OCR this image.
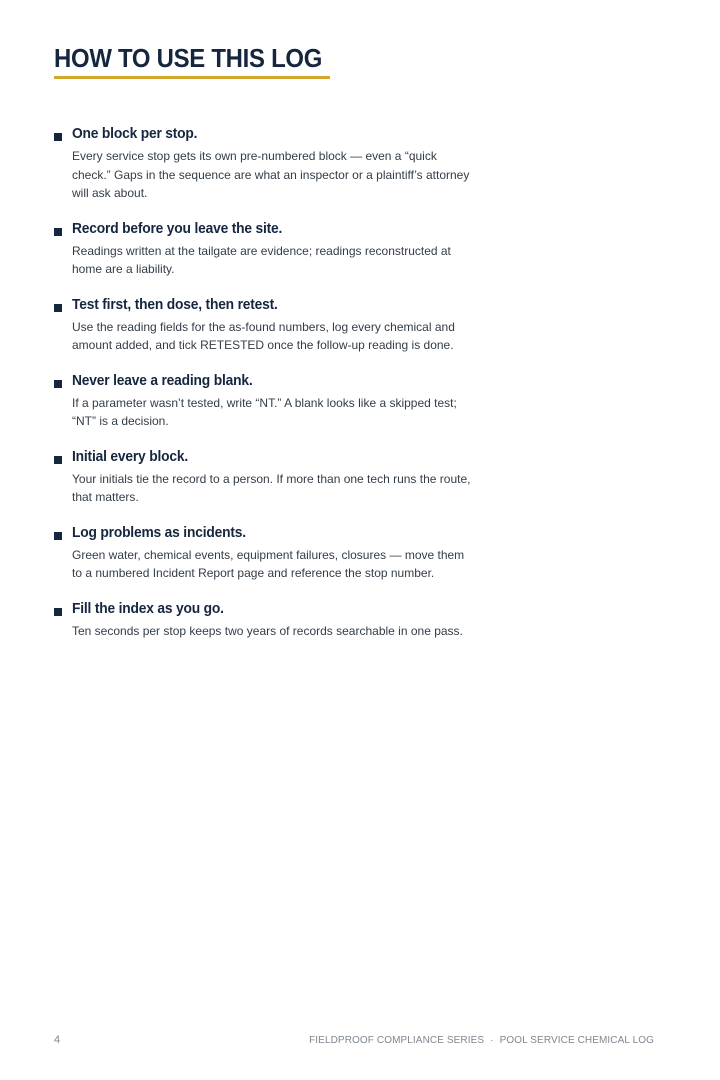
HOW TO USE THIS LOG
One block per stop.
Every service stop gets its own pre-numbered block — even a “quick check.” Gaps in the sequence are what an inspector or a plaintiff’s attorney will ask about.
Record before you leave the site.
Readings written at the tailgate are evidence; readings reconstructed at home are a liability.
Test first, then dose, then retest.
Use the reading fields for the as-found numbers, log every chemical and amount added, and tick RETESTED once the follow-up reading is done.
Never leave a reading blank.
If a parameter wasn’t tested, write “NT.” A blank looks like a skipped test; “NT” is a decision.
Initial every block.
Your initials tie the record to a person. If more than one tech runs the route, that matters.
Log problems as incidents.
Green water, chemical events, equipment failures, closures — move them to a numbered Incident Report page and reference the stop number.
Fill the index as you go.
Ten seconds per stop keeps two years of records searchable in one pass.
4	FIELDPROOF COMPLIANCE SERIES · POOL SERVICE CHEMICAL LOG
